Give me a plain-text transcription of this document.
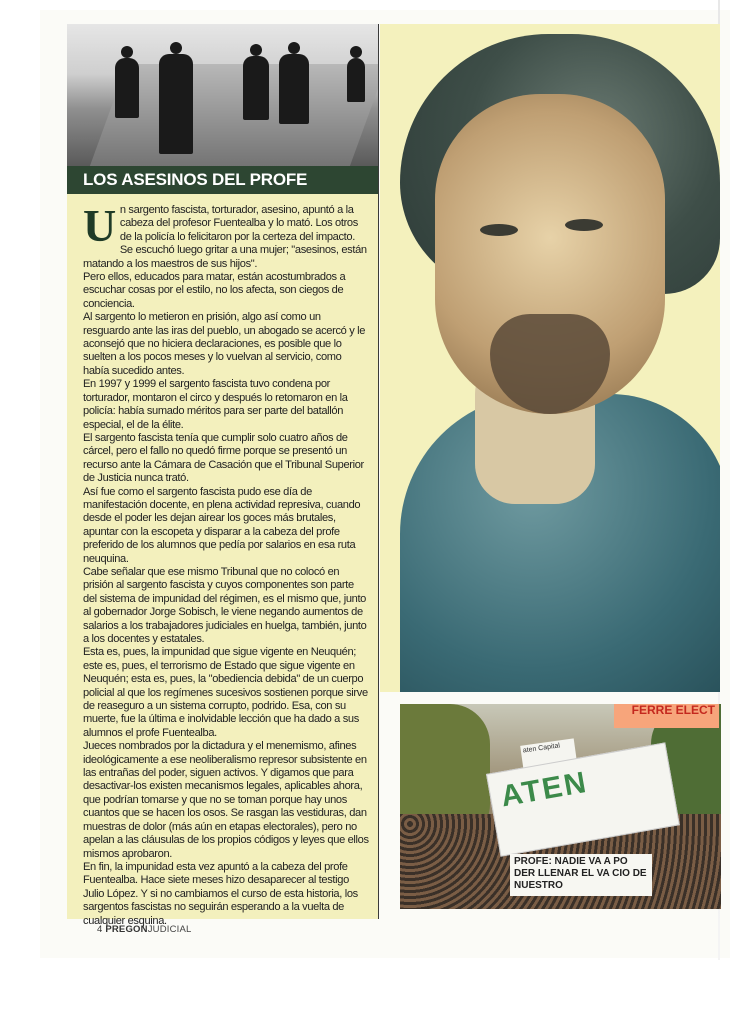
LOS ASESINOS DEL PROFE
U n sargento fascista, torturador, asesino, apuntó a la cabeza del profesor Fuentealba y lo mató. Los otros de la policía lo felicitaron por la certeza del impacto. Se escuchó luego gritar a una mujer; "asesinos, están matando a los maestros de sus hijos".

Pero ellos, educados para matar, están acostumbrados a escuchar cosas por el estilo, no los afecta, son ciegos de conciencia.

Al sargento lo metieron en prisión, algo así como un resguardo ante las iras del pueblo, un abogado se acercó y le aconsejó que no hiciera declaraciones, es posible que lo suelten a los pocos meses y lo vuelvan al servicio, como había sucedido antes.

En 1997 y 1999 el sargento fascista tuvo condena por torturador, montaron el circo y después lo retomaron en la policía: había sumado méritos para ser parte del batallón especial, el de la élite.

El sargento fascista tenía que cumplir solo cuatro años de cárcel, pero el fallo no quedó firme porque se presentó un recurso ante la Cámara de Casación que el Tribunal Superior de Justicia nunca trató.

Así fue como el sargento fascista pudo ese día de manifestación docente, en plena actividad represiva, cuando desde el poder les dejan airear los goces más brutales, apuntar con la escopeta y disparar a la cabeza del profe preferido de los alumnos que pedía por salarios en esa ruta neuquina.

Cabe señalar que ese mismo Tribunal que no colocó en prisión al sargento fascista y cuyos componentes son parte del sistema de impunidad del régimen, es el mismo que, junto al gobernador Jorge Sobisch, le viene negando aumentos de salarios a los trabajadores judiciales en huelga, también, junto a los docentes y estatales.

Esta es, pues, la impunidad que sigue vigente en Neuquén; este es, pues, el terrorismo de Estado que sigue vigente en Neuquén; esta es, pues, la "obediencia debida" de un cuerpo policial al que los regímenes sucesivos sostienen porque sirve de reaseguro a un sistema corrupto, podrido. Esa, con su muerte, fue la última e inolvidable lección que ha dado a sus alumnos el profe Fuentealba.

Jueces nombrados por la dictadura y el menemismo, afines ideológicamente a ese neoliberalismo represor subsistente en las entrañas del poder, siguen activos. Y digamos que para desactivar-los existen mecanismos legales, aplicables ahora, que podrían tomarse y que no se toman porque hay unos cuantos que se hacen los osos. Se rasgan las vestiduras, dan muestras de dolor (más aún en etapas electorales), pero no apelan a las cláusulas de los propios códigos y leyes que ellos mismos aprobaron.

En fin, la impunidad esta vez apuntó a la cabeza del profe Fuentealba. Hace siete meses hizo desaparecer al testigo Julio López. Y si no cambiamos el curso de esta historia, los sargentos fascistas no seguirán esperando a la vuelta de cualquier esquina.

FERRE ELECT
aten Capital
ATEN
PROFE: NADIE VA A PO DER LLENAR EL VA CIO DE NUESTRO
4 PREGONJUDICIAL
